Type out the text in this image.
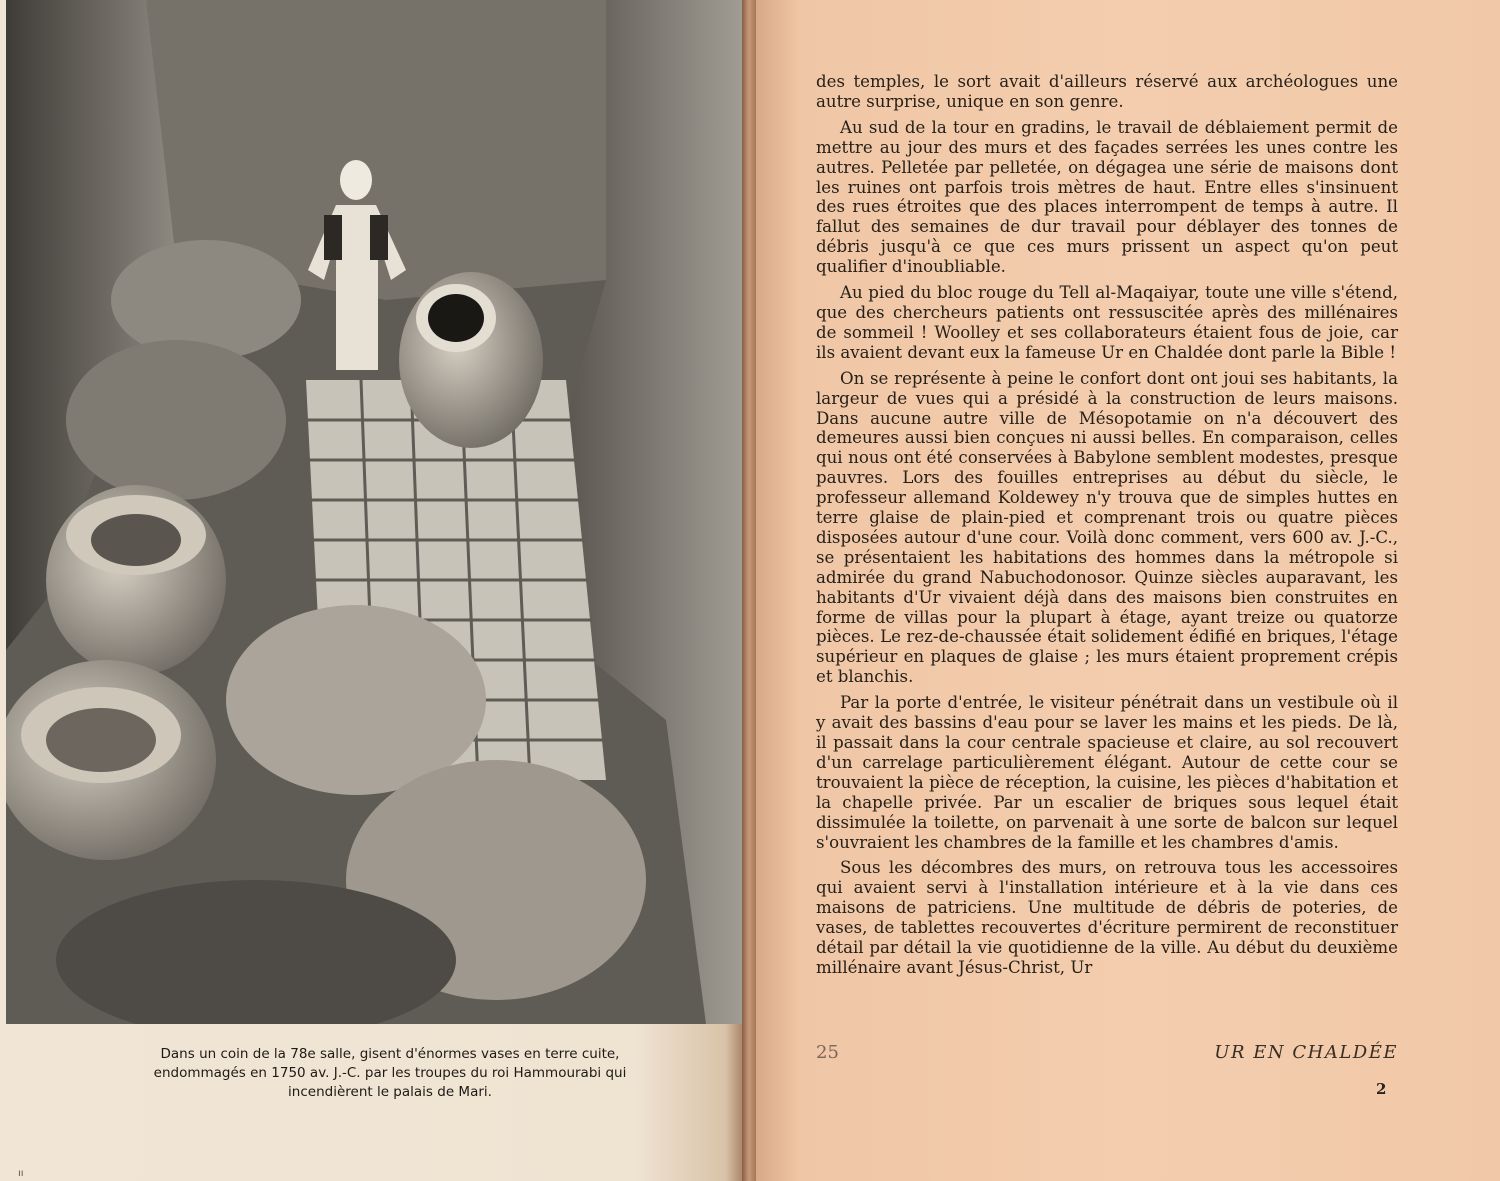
Dans un coin de la 78e salle, gisent d'énormes vases en terre cuite,
endommagés en 1750 av. J.-C. par les troupes du roi Hammourabi qui
incendièrent le palais de Mari.
ıı

des temples, le sort avait d'ailleurs réservé aux archéologues une autre surprise, unique en son genre.

Au sud de la tour en gradins, le travail de déblaiement permit de mettre au jour des murs et des façades serrées les unes contre les autres. Pelletée par pelletée, on dégagea une série de maisons dont les ruines ont parfois trois mètres de haut. Entre elles s'insinuent des rues étroites que des places interrompent de temps à autre. Il fallut des semaines de dur travail pour déblayer des tonnes de débris jusqu'à ce que ces murs prissent un aspect qu'on peut qualifier d'inoubliable.

Au pied du bloc rouge du Tell al-Maqaiyar, toute une ville s'étend, que des chercheurs patients ont ressuscitée après des millénaires de sommeil ! Woolley et ses collaborateurs étaient fous de joie, car ils avaient devant eux la fameuse Ur en Chaldée dont parle la Bible !

On se représente à peine le confort dont ont joui ses habitants, la largeur de vues qui a présidé à la construction de leurs maisons. Dans aucune autre ville de Mésopotamie on n'a découvert des demeures aussi bien conçues ni aussi belles. En comparaison, celles qui nous ont été conservées à Babylone semblent modestes, presque pauvres. Lors des fouilles entreprises au début du siècle, le professeur allemand Koldewey n'y trouva que de simples huttes en terre glaise de plain-pied et comprenant trois ou quatre pièces disposées autour d'une cour. Voilà donc comment, vers 600 av. J.-C., se présentaient les habitations des hommes dans la métropole si admirée du grand Nabuchodonosor. Quinze siècles auparavant, les habitants d'Ur vivaient déjà dans des maisons bien construites en forme de villas pour la plupart à étage, ayant treize ou quatorze pièces. Le rez-de-chaussée était solidement édifié en briques, l'étage supérieur en plaques de glaise ; les murs étaient proprement crépis et blanchis.

Par la porte d'entrée, le visiteur pénétrait dans un vestibule où il y avait des bassins d'eau pour se laver les mains et les pieds. De là, il passait dans la cour centrale spacieuse et claire, au sol recouvert d'un carrelage particulièrement élégant. Autour de cette cour se trouvaient la pièce de réception, la cuisine, les pièces d'habitation et la chapelle privée. Par un escalier de briques sous lequel était dissimulée la toilette, on parvenait à une sorte de balcon sur lequel s'ouvraient les chambres de la famille et les chambres d'amis.

Sous les décombres des murs, on retrouva tous les accessoires qui avaient servi à l'installation intérieure et à la vie dans ces maisons de patriciens. Une multitude de débris de poteries, de vases, de tablettes recouvertes d'écriture permirent de reconstituer détail par détail la vie quotidienne de la ville. Au début du deuxième millénaire avant Jésus-Christ, Ur

25	UR EN CHALDÉE
2
